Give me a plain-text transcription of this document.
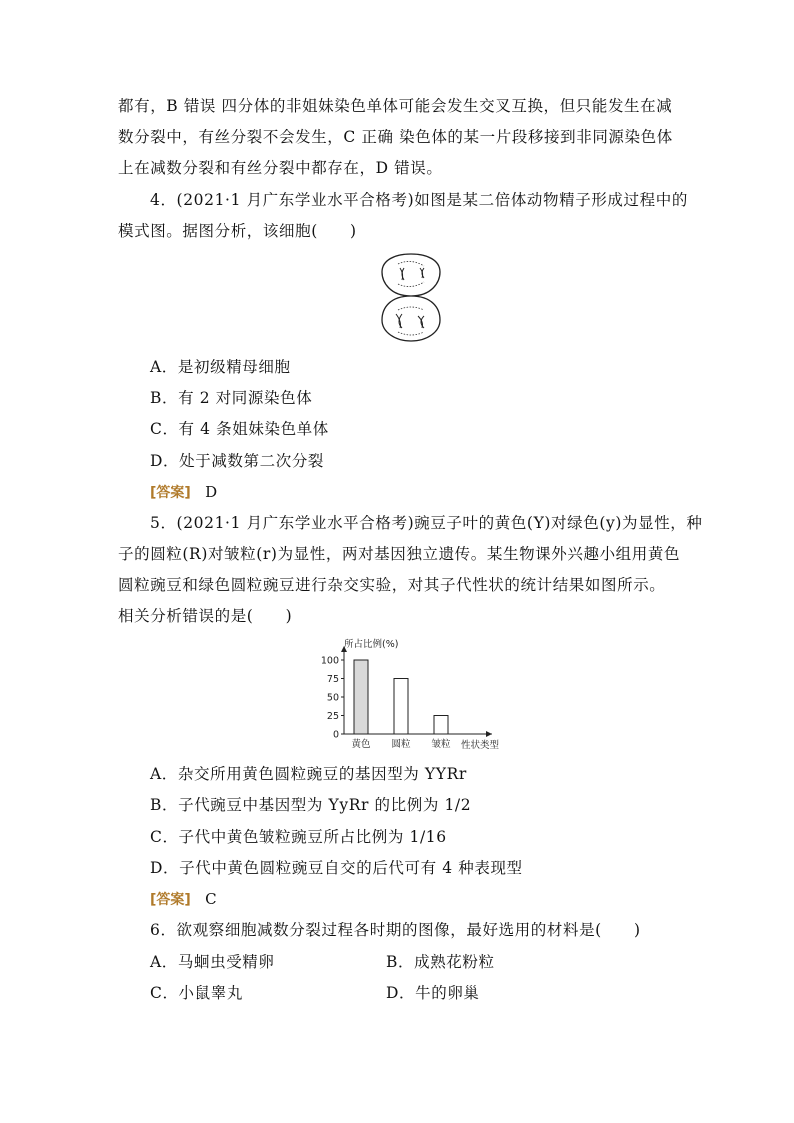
都有，B 错误 四分体的非姐妹染色单体可能会发生交叉互换，但只能发生在减
数分裂中，有丝分裂不会发生，C 正确 染色体的某一片段移接到非同源染色体
上在减数分裂和有丝分裂中都存在，D 错误。
4．(2021·1 月广东学业水平合格考)如图是某二倍体动物精子形成过程中的
模式图。据图分析，该细胞(　　)
A．是初级精母细胞
B．有 2 对同源染色体
C．有 4 条姐妹染色单体
D．处于减数第二次分裂
[答案] D
5．(2021·1 月广东学业水平合格考)豌豆子叶的黄色(Y)对绿色(y)为显性，种
子的圆粒(R)对皱粒(r)为显性，两对基因独立遗传。某生物课外兴趣小组用黄色
圆粒豌豆和绿色圆粒豌豆进行杂交实验，对其子代性状的统计结果如图所示。
相关分析错误的是(　　)
所占比例(%)
0
25
50
75
100
黄色 圆粒 皱粒 性状类型
A．杂交所用黄色圆粒豌豆的基因型为 YYRr
B．子代豌豆中基因型为 YyRr 的比例为 1/2
C．子代中黄色皱粒豌豆所占比例为 1/16
D．子代中黄色圆粒豌豆自交的后代可有 4 种表现型
[答案] C
6．欲观察细胞减数分裂过程各时期的图像，最好选用的材料是(　　)
A．马蛔虫受精卵	B．成熟花粉粒
C．小鼠睾丸	D．牛的卵巢
